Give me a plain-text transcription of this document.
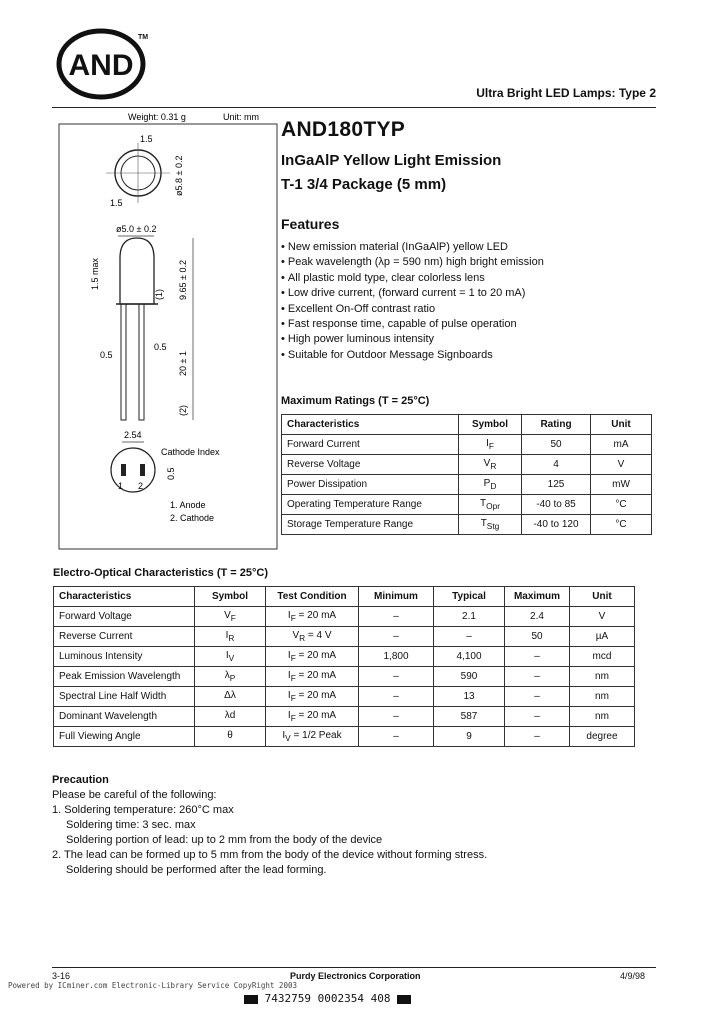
AND
TM
Ultra Bright LED Lamps: Type 2
AND180TYP
InGaAlP Yellow Light Emission
T-1 3/4 Package (5 mm)
Features
• New emission material (InGaAlP) yellow LED
• Peak wavelength (λp = 590 nm) high bright emission
• All plastic mold type, clear colorless lens
• Low drive current, (forward current = 1 to 20 mA)
• Excellent On-Off contrast ratio
• Fast response time, capable of pulse operation
• High power luminous intensity
• Suitable for Outdoor Message Signboards
Weight: 0.31 g	Unit: mm
1.5
1.5
ø5.8 ± 0.2
ø5.0 ± 0.2
1.5 max	9.65 ± 0.2
(1)
0.5
0.5
20 ± 1
(2)
2.54
1 2
0.5
Cathode Index
1. Anode
2. Cathode
Maximum Ratings (T = 25°C)
Characteristics	Symbol	Rating	Unit
Forward Current	$I_F$	50	mA
Reverse Voltage	$V_R$	4	V
Power Dissipation	$P_D$	125	mW
Operating Temperature Range	$T_{Opr}$	-40 to 85	°C
Storage Temperature Range	$T_{Stg}$	-40 to 120	°C
Electro-Optical Characteristics (T = 25°C)
Characteristics	Symbol	Test Condition	Minimum	Typical	Maximum	Unit
Forward Voltage	$V_F$	$I_F = 20$ mA	–	2.1	2.4	V
Reverse Current	$I_R$	$V_R = 4$ V	–	–	50	µA
Luminous Intensity	$I_V$	$I_F = 20$ mA	1,800	4,100	–	mcd
Peak Emission Wavelength	$\lambda_P$	$I_F = 20$ mA	–	590	–	nm
Spectral Line Half Width	Δλ	$I_F = 20$ mA	–	13	–	nm
Dominant Wavelength	λd	$I_F = 20$ mA	–	587	–	nm
Full Viewing Angle	θ	$I_V = 1/2$ Peak	–	9	–	degree
Precaution
Please be careful of the following:
1. Soldering temperature: 260°C max
Soldering time: 3 sec. max
Soldering portion of lead: up to 2 mm from the body of the device
2. The lead can be formed up to 5 mm from the body of the device without forming stress.
Soldering should be performed after the lead forming.
3-16	Purdy Electronics Corporation	4/9/98
Powered by ICminer.com Electronic-Library Service CopyRight 2003
7432759 0002354 408
